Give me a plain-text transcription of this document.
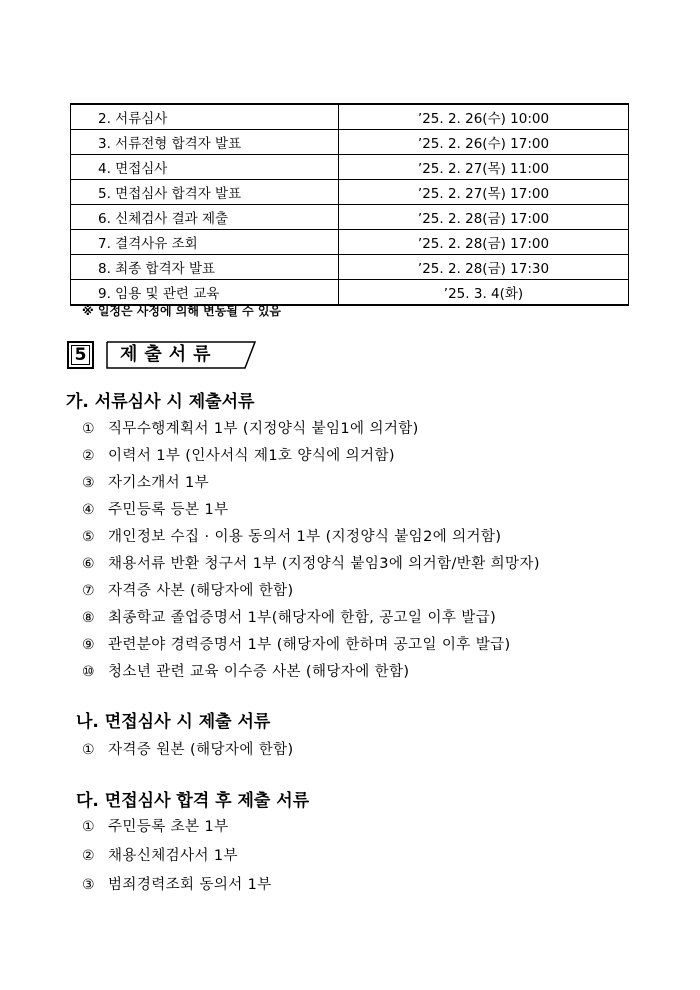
2. 서류심사	’25. 2. 26(수) 10:00
3. 서류전형 합격자 발표	’25. 2. 26(수) 17:00
4. 면접심사	’25. 2. 27(목) 11:00
5. 면접심사 합격자 발표	’25. 2. 27(목) 17:00
6. 신체검사 결과 제출	’25. 2. 28(금) 17:00
7. 결격사유 조회	’25. 2. 28(금) 17:00
8. 최종 합격자 발표	’25. 2. 28(금) 17:30
9. 임용 및 관련 교육	’25. 3. 4(화)
※ 일정은 사정에 의해 변동될 수 있음
5	제출서류
가. 서류심사 시 제출서류
① 직무수행계획서 1부 (지정양식 붙임1에 의거함)
② 이력서 1부 (인사서식 제1호 양식에 의거함)
③ 자기소개서 1부
④ 주민등록 등본 1부
⑤ 개인정보 수집 · 이용 동의서 1부 (지정양식 붙임2에 의거함)
⑥ 채용서류 반환 청구서 1부 (지정양식 붙임3에 의거함/반환 희망자)
⑦ 자격증 사본 (해당자에 한함)
⑧ 최종학교 졸업증명서 1부(해당자에 한함, 공고일 이후 발급)
⑨ 관련분야 경력증명서 1부 (해당자에 한하며 공고일 이후 발급)
⑩ 청소년 관련 교육 이수증 사본 (해당자에 한함)
나. 면접심사 시 제출 서류
① 자격증 원본 (해당자에 한함)
다. 면접심사 합격 후 제출 서류
① 주민등록 초본 1부
② 채용신체검사서 1부
③ 범죄경력조회 동의서 1부
